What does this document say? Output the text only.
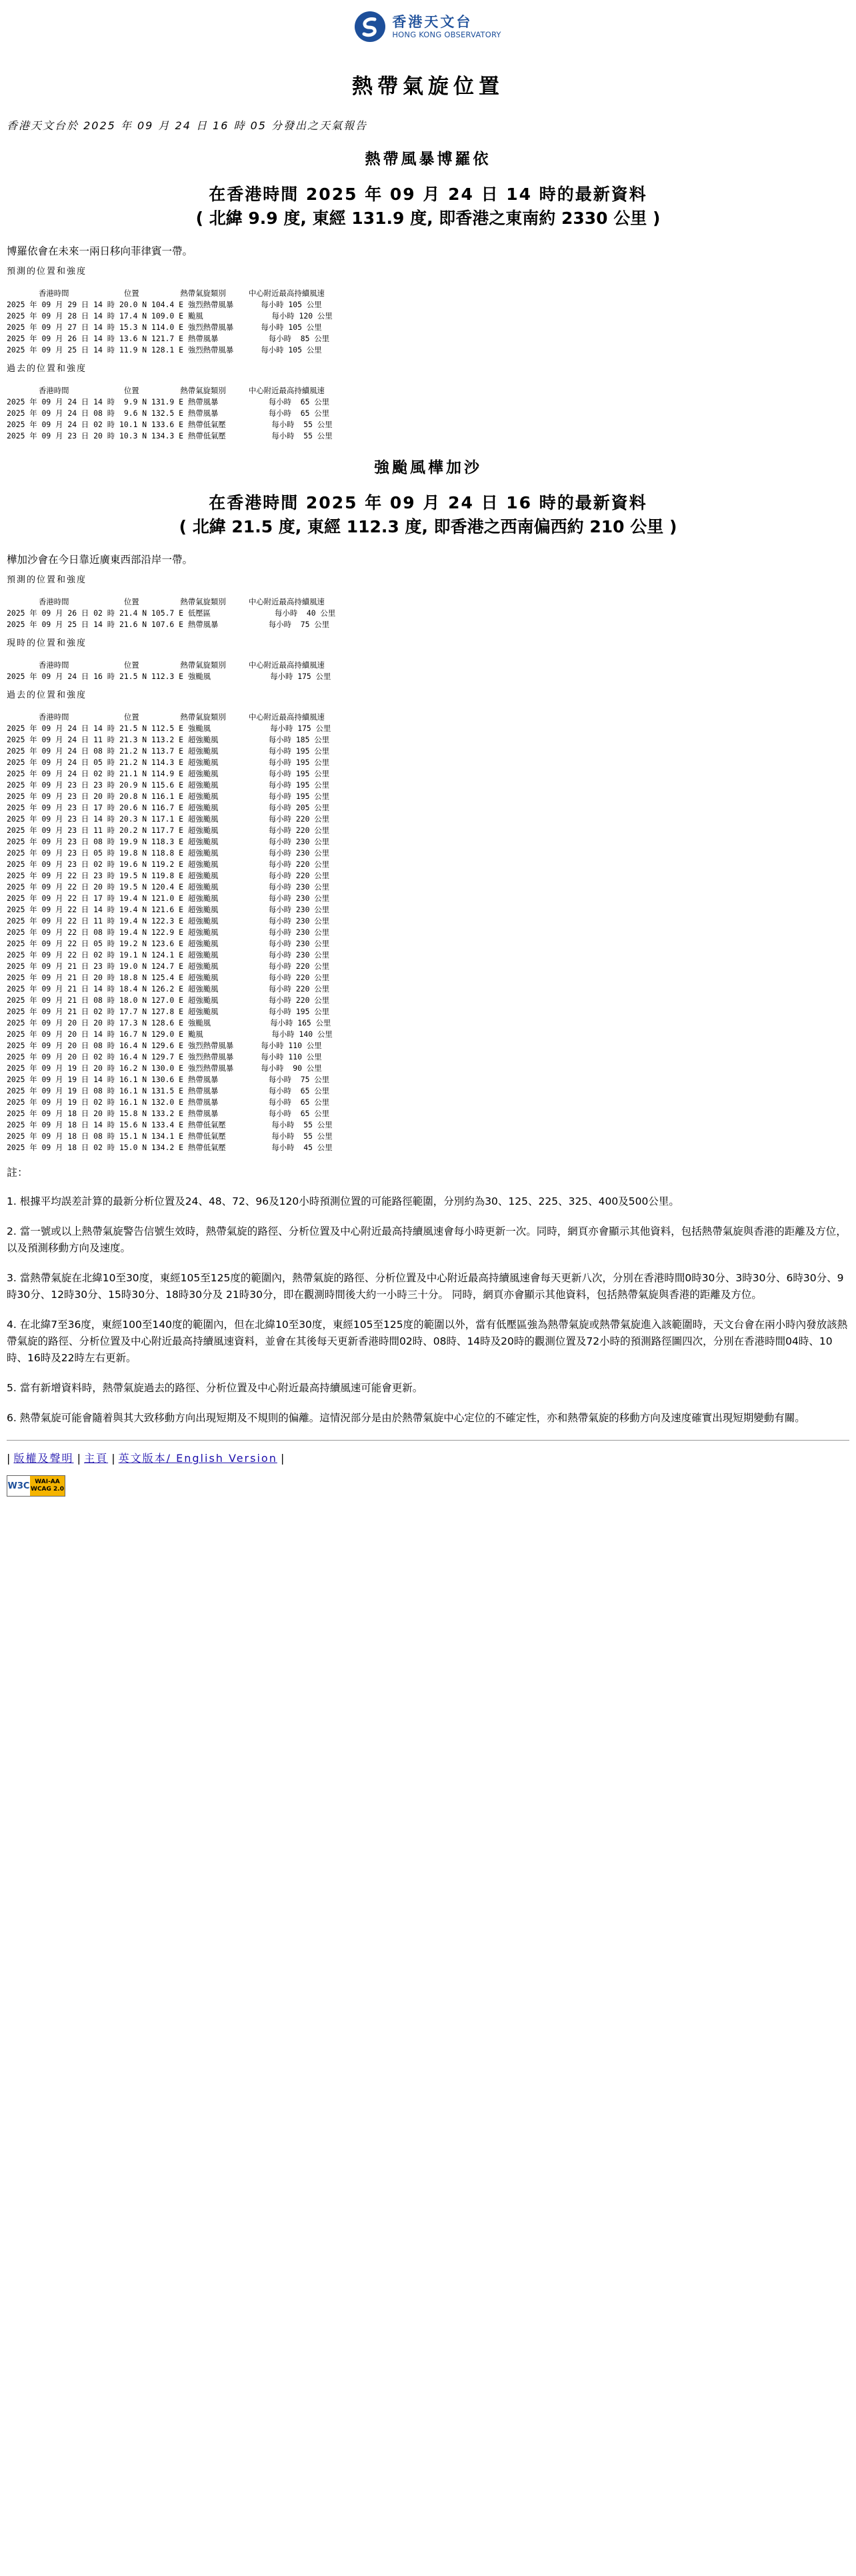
香港天文台
HONG KONG OBSERVATORY
熱帶氣旋位置
香港天文台於 2025 年 09 月 24 日 16 時 05 分發出之天氣報告
熱帶風暴博羅依
在香港時間 2025 年 09 月 24 日 14 時的最新資料
( 北緯 9.9 度, 東經 131.9 度, 即香港之東南約 2330 公里 )
博羅依會在未來一兩日移向菲律賓一帶。
預測的位置和強度
香港時間            位置         熱帶氣旋類別     中心附近最高持續風速
2025 年 09 月 29 日 14 時 20.0 N 104.4 E 強烈熱帶風暴      每小時 105 公里
2025 年 09 月 28 日 14 時 17.4 N 109.0 E 颱風               每小時 120 公里
2025 年 09 月 27 日 14 時 15.3 N 114.0 E 強烈熱帶風暴      每小時 105 公里
2025 年 09 月 26 日 14 時 13.6 N 121.7 E 熱帶風暴           每小時  85 公里
2025 年 09 月 25 日 14 時 11.9 N 128.1 E 強烈熱帶風暴      每小時 105 公里
過去的位置和強度
香港時間            位置         熱帶氣旋類別     中心附近最高持續風速
2025 年 09 月 24 日 14 時  9.9 N 131.9 E 熱帶風暴           每小時  65 公里
2025 年 09 月 24 日 08 時  9.6 N 132.5 E 熱帶風暴           每小時  65 公里
2025 年 09 月 24 日 02 時 10.1 N 133.6 E 熱帶低氣壓          每小時  55 公里
2025 年 09 月 23 日 20 時 10.3 N 134.3 E 熱帶低氣壓          每小時  55 公里
強颱風樺加沙
在香港時間 2025 年 09 月 24 日 16 時的最新資料
( 北緯 21.5 度, 東經 112.3 度, 即香港之西南偏西約 210 公里 )
樺加沙會在今日靠近廣東西部沿岸一帶。
預測的位置和強度
香港時間            位置         熱帶氣旋類別     中心附近最高持續風速
2025 年 09 月 26 日 02 時 21.4 N 105.7 E 低壓區              每小時  40 公里
2025 年 09 月 25 日 14 時 21.6 N 107.6 E 熱帶風暴           每小時  75 公里
現時的位置和強度
香港時間            位置         熱帶氣旋類別     中心附近最高持續風速
2025 年 09 月 24 日 16 時 21.5 N 112.3 E 強颱風             每小時 175 公里
過去的位置和強度
香港時間            位置         熱帶氣旋類別     中心附近最高持續風速
2025 年 09 月 24 日 14 時 21.5 N 112.5 E 強颱風             每小時 175 公里
2025 年 09 月 24 日 11 時 21.3 N 113.2 E 超強颱風           每小時 185 公里
2025 年 09 月 24 日 08 時 21.2 N 113.7 E 超強颱風           每小時 195 公里
2025 年 09 月 24 日 05 時 21.2 N 114.3 E 超強颱風           每小時 195 公里
2025 年 09 月 24 日 02 時 21.1 N 114.9 E 超強颱風           每小時 195 公里
2025 年 09 月 23 日 23 時 20.9 N 115.6 E 超強颱風           每小時 195 公里
2025 年 09 月 23 日 20 時 20.8 N 116.1 E 超強颱風           每小時 195 公里
2025 年 09 月 23 日 17 時 20.6 N 116.7 E 超強颱風           每小時 205 公里
2025 年 09 月 23 日 14 時 20.3 N 117.1 E 超強颱風           每小時 220 公里
2025 年 09 月 23 日 11 時 20.2 N 117.7 E 超強颱風           每小時 220 公里
2025 年 09 月 23 日 08 時 19.9 N 118.3 E 超強颱風           每小時 230 公里
2025 年 09 月 23 日 05 時 19.8 N 118.8 E 超強颱風           每小時 230 公里
2025 年 09 月 23 日 02 時 19.6 N 119.2 E 超強颱風           每小時 220 公里
2025 年 09 月 22 日 23 時 19.5 N 119.8 E 超強颱風           每小時 220 公里
2025 年 09 月 22 日 20 時 19.5 N 120.4 E 超強颱風           每小時 230 公里
2025 年 09 月 22 日 17 時 19.4 N 121.0 E 超強颱風           每小時 230 公里
2025 年 09 月 22 日 14 時 19.4 N 121.6 E 超強颱風           每小時 230 公里
2025 年 09 月 22 日 11 時 19.4 N 122.3 E 超強颱風           每小時 230 公里
2025 年 09 月 22 日 08 時 19.4 N 122.9 E 超強颱風           每小時 230 公里
2025 年 09 月 22 日 05 時 19.2 N 123.6 E 超強颱風           每小時 230 公里
2025 年 09 月 22 日 02 時 19.1 N 124.1 E 超強颱風           每小時 230 公里
2025 年 09 月 21 日 23 時 19.0 N 124.7 E 超強颱風           每小時 220 公里
2025 年 09 月 21 日 20 時 18.8 N 125.4 E 超強颱風           每小時 220 公里
2025 年 09 月 21 日 14 時 18.4 N 126.2 E 超強颱風           每小時 220 公里
2025 年 09 月 21 日 08 時 18.0 N 127.0 E 超強颱風           每小時 220 公里
2025 年 09 月 21 日 02 時 17.7 N 127.8 E 超強颱風           每小時 195 公里
2025 年 09 月 20 日 20 時 17.3 N 128.6 E 強颱風             每小時 165 公里
2025 年 09 月 20 日 14 時 16.7 N 129.0 E 颱風               每小時 140 公里
2025 年 09 月 20 日 08 時 16.4 N 129.6 E 強烈熱帶風暴      每小時 110 公里
2025 年 09 月 20 日 02 時 16.4 N 129.7 E 強烈熱帶風暴      每小時 110 公里
2025 年 09 月 19 日 20 時 16.2 N 130.0 E 強烈熱帶風暴      每小時  90 公里
2025 年 09 月 19 日 14 時 16.1 N 130.6 E 熱帶風暴           每小時  75 公里
2025 年 09 月 19 日 08 時 16.1 N 131.5 E 熱帶風暴           每小時  65 公里
2025 年 09 月 19 日 02 時 16.1 N 132.0 E 熱帶風暴           每小時  65 公里
2025 年 09 月 18 日 20 時 15.8 N 133.2 E 熱帶風暴           每小時  65 公里
2025 年 09 月 18 日 14 時 15.6 N 133.4 E 熱帶低氣壓          每小時  55 公里
2025 年 09 月 18 日 08 時 15.1 N 134.1 E 熱帶低氣壓          每小時  55 公里
2025 年 09 月 18 日 02 時 15.0 N 134.2 E 熱帶低氣壓          每小時  45 公里
註：
1. 根據平均誤差計算的最新分析位置及24、48、72、96及120小時預測位置的可能路徑範圍，分別約為30、125、225、325、400及500公里。
2. 當一號或以上熱帶氣旋警告信號生效時，熱帶氣旋的路徑、分析位置及中心附近最高持續風速會每小時更新一次。同時，網頁亦會顯示其他資料，包括熱帶氣旋與香港的距離及方位，以及預測移動方向及速度。
3. 當熱帶氣旋在北緯10至30度，東經105至125度的範圍內，熱帶氣旋的路徑、分析位置及中心附近最高持續風速會每天更新八次，分別在香港時間0時30分、3時30分、6時30分、9時30分、12時30分、15時30分、18時30分及 21時30分，即在觀測時間後大約一小時三十分。 同時，網頁亦會顯示其他資料，包括熱帶氣旋與香港的距離及方位。
4. 在北緯7至36度，東經100至140度的範圍內，但在北緯10至30度，東經105至125度的範圍以外，當有低壓區強為熱帶氣旋或熱帶氣旋進入該範圍時，天文台會在兩小時內發放該熱帶氣旋的路徑、分析位置及中心附近最高持續風速資料，並會在其後每天更新香港時間02時、08時、14時及20時的觀測位置及72小時的預測路徑圖四次，分別在香港時間04時、10時、16時及22時左右更新。
5. 當有新增資料時，熱帶氣旋過去的路徑、分析位置及中心附近最高持續風速可能會更新。
6. 熱帶氣旋可能會隨着與其大致移動方向出現短期及不規則的偏離。這情況部分是由於熱帶氣旋中心定位的不確定性，亦和熱帶氣旋的移動方向及速度確實出現短期變動有關。
| 版權及聲明 | 主頁 | 英文版本/ English Version |
W3C WAI-AA
WCAG 2.0
